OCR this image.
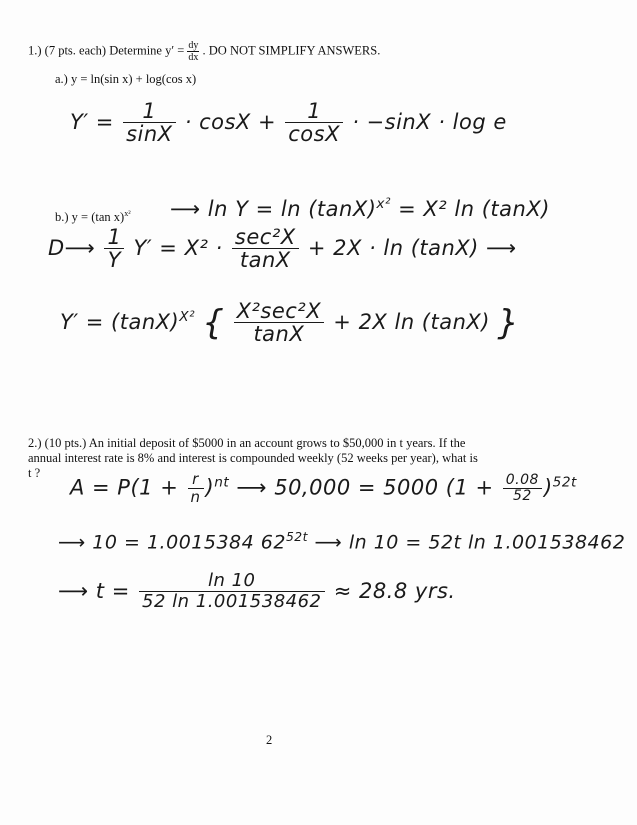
1.) (7 pts. each) Determine $y' = \frac{dy}{dx}$ . DO NOT SIMPLIFY ANSWERS.
a.) y = ln(sin x) + log(cos x)
$Y' = \frac{1}{\sin X} \cdot \cos X + \frac{1}{\cos X} \cdot -\sin X \cdot \log e$
b.) y = (tan x)$^{x^2}$ ⟶ $\ln Y = \ln (\tan X)^{x^2} = X^2$ ln (tanX)
D⟶ $\frac{1}{Y} Y' = X^2 \cdot \frac{\text{sec²X}}{\tan X} + 2X \cdot \ln (\tan X)$ ⟶
$Y' = (\tan X)^{X^2}$ { $\frac{\text{X²sec²X}}{\tan X} + 2X$ ln (tanX) }
2.) (10 pts.) An initial deposit of $5000 in an account grows to $50,000 in t years. If the
annual interest rate is 8% and interest is compounded weekly (52 weeks per year), what is
t ?
$A = P(1 + \frac{r}{n} )^{nt}$ ⟶ 50,000 = 5000 $(1 + \frac{0.08}{52} )^{52t}$
⟶ 10 = 1.0015384 $62^{52t}$ ⟶ ln 10 = 52t ln 1.001538462
⟶ $t = \frac{\ln 10}{52 \ln 1.001538462} \approx 28.8$ yrs.
2
